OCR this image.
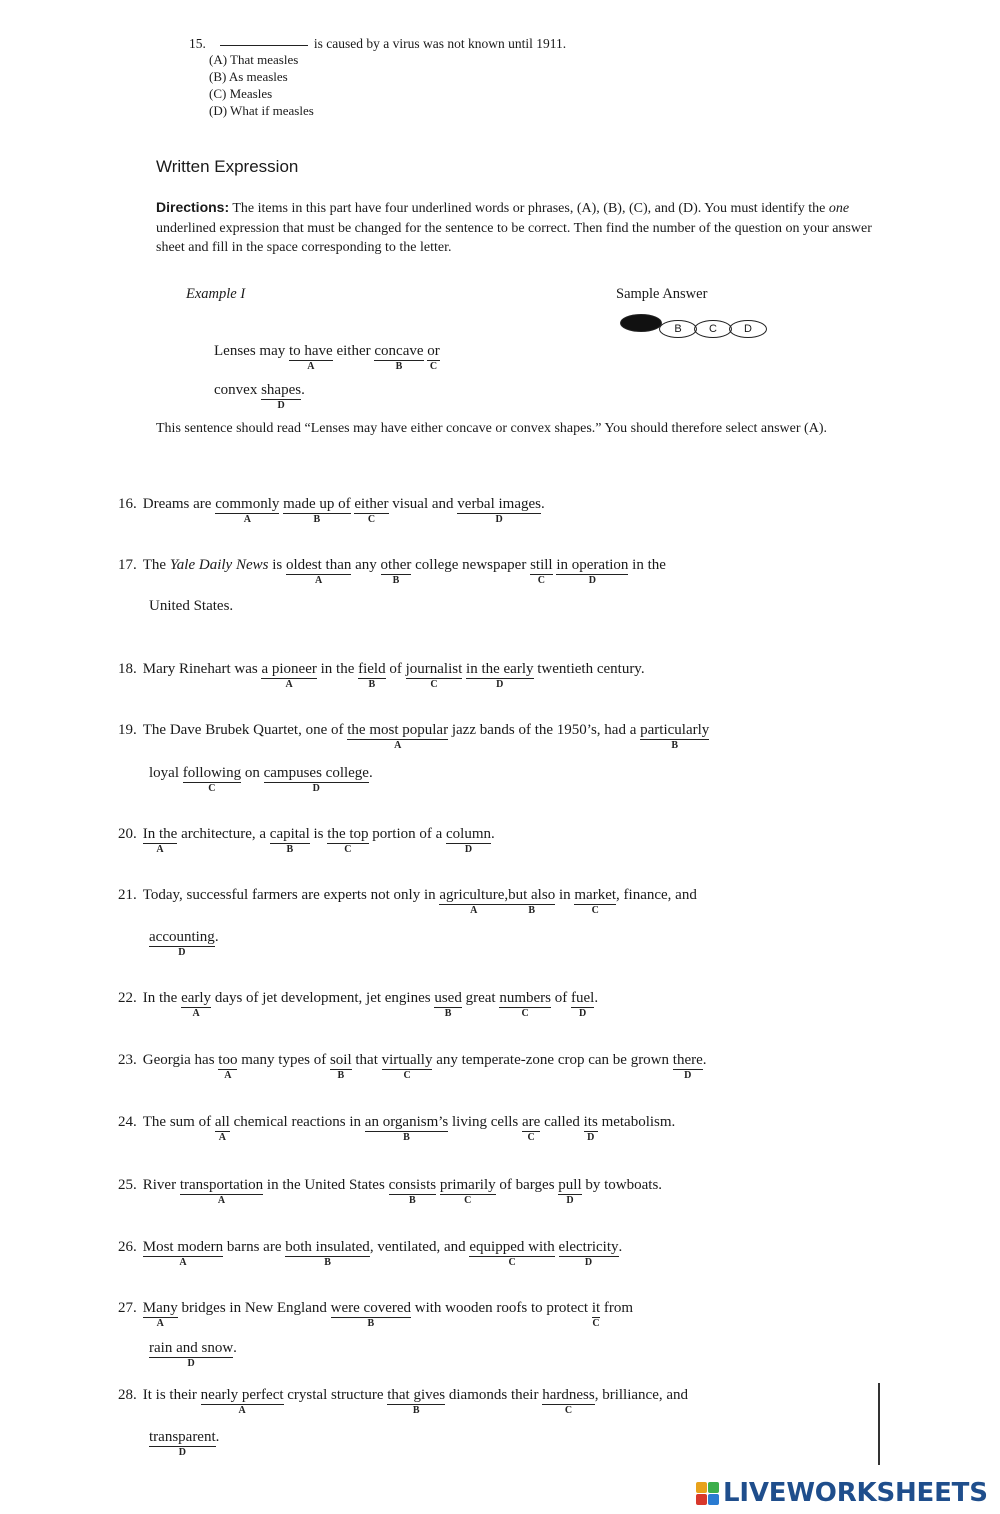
15.	is caused by a virus was not known until 1911.
(A) That measles
(B) As measles
(C) Measles
(D) What if measles
Written Expression
Directions: The items in this part have four underlined words or phrases, (A), (B), (C), and (D). You must identify the one underlined expression that must be changed for the sentence to be correct. Then find the number of the question on your answer sheet and fill in the space corresponding to the letter.
Example I	Sample Answer
B C D
Lenses may to have
A
either concave
B
or
C
convex shapes
D
.
This sentence should read “Lenses may have either concave or convex shapes.” You should therefore select answer (A).
16. Dreams are commonly
A
made up of
B
either
C
visual and verbal images
D
.
17. The Yale Daily News is oldest than
A
any other
B
college newspaper still
C
in operation
D
in the
United States.
18. Mary Rinehart was a pioneer
A
in the field
B
of journalist
C
in the early
D
twentieth century.
19. The Dave Brubek Quartet, one of the most popular
A
jazz bands of the 1950’s, had a particularly
B
loyal following
C
on campuses college
D
.
20. In the
A
architecture, a capital
B
is the top
C
portion of a column
D
.
21. Today, successful farmers are experts not only in agriculture,
A
but also
B
in market
C
, finance, and
accounting
D
.
22. In the early
A
days of jet development, jet engines used
B
great numbers
C
of fuel
D
.
23. Georgia has too
A
many types of soil
B
that virtually
C
any temperate-zone crop can be grown there
D
.
24. The sum of all
A
chemical reactions in an organism’s
B
living cells are
C
called its
D
metabolism.
25. River transportation
A
in the United States consists
B
primarily
C
of barges pull
D
by towboats.
26. Most modern
A
barns are both insulated
B
, ventilated, and equipped with
C
electricity
D
.
27. Many
A
bridges in New England were covered
B
with wooden roofs to protect it
C
from
rain and snow
D
.
28. It is their nearly perfect
A
crystal structure that gives
B
diamonds their hardness
C
, brilliance, and
transparent
D
.
LIVEWORKSHEETS
